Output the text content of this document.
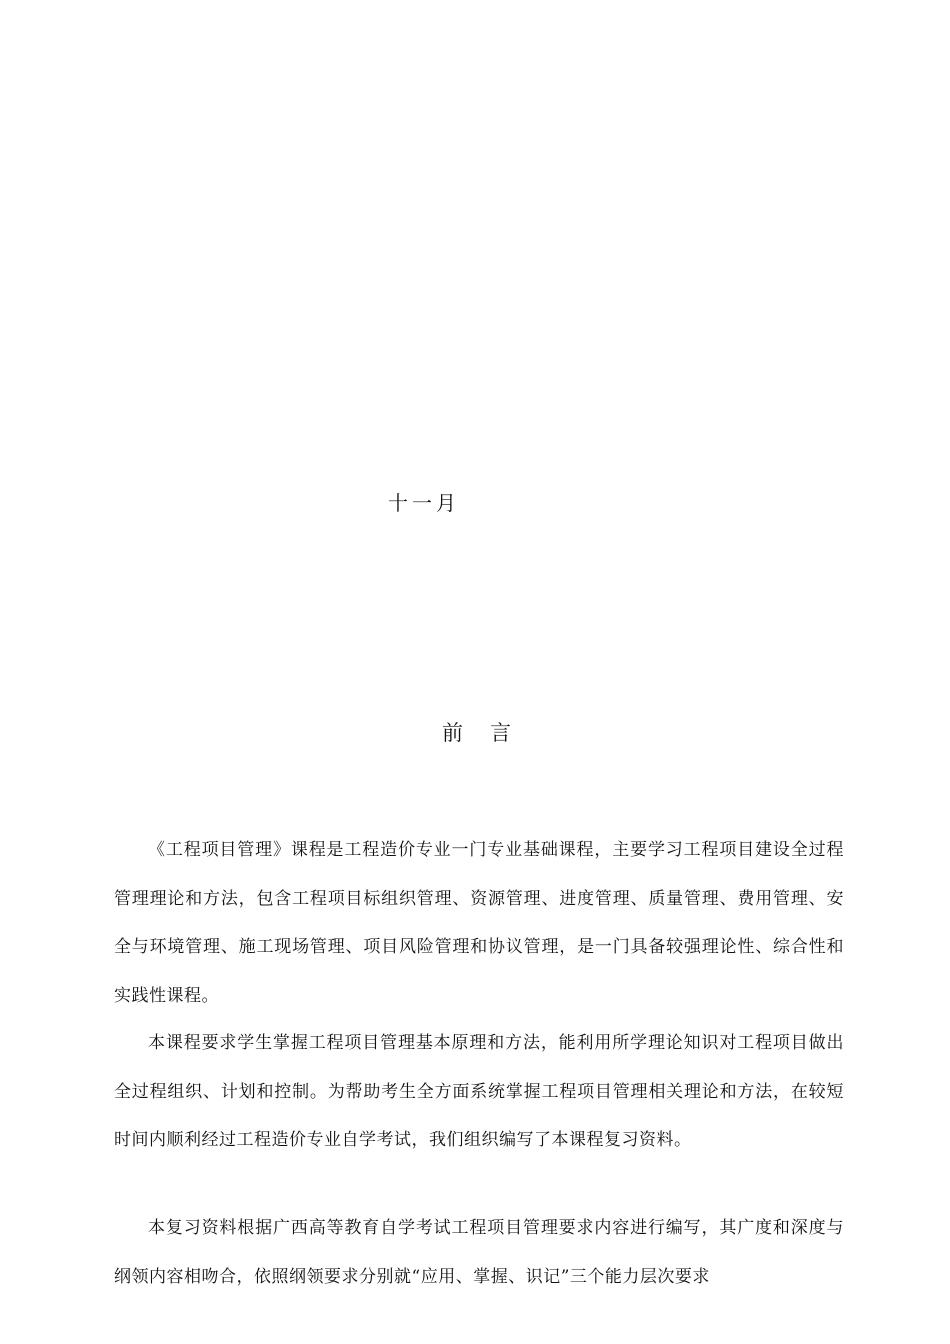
十一月
前 言

《工程项目管理》课程是工程造价专业一门专业基础课程，主要学习工程项目建设全过程管理理论和方法，包含工程项目标组织管理、资源管理、进度管理、质量管理、费用管理、安全与环境管理、施工现场管理、项目风险管理和协议管理，是一门具备较强理论性、综合性和实践性课程。

本课程要求学生掌握工程项目管理基本原理和方法，能利用所学理论知识对工程项目做出全过程组织、计划和控制。为帮助考生全方面系统掌握工程项目管理相关理论和方法，在较短时间内顺利经过工程造价专业自学考试，我们组织编写了本课程复习资料。

本复习资料根据广西高等教育自学考试工程项目管理要求内容进行编写，其广度和深度与纲领内容相吻合，依照纲领要求分别就“应用、掌握、识记”三个能力层次要求
